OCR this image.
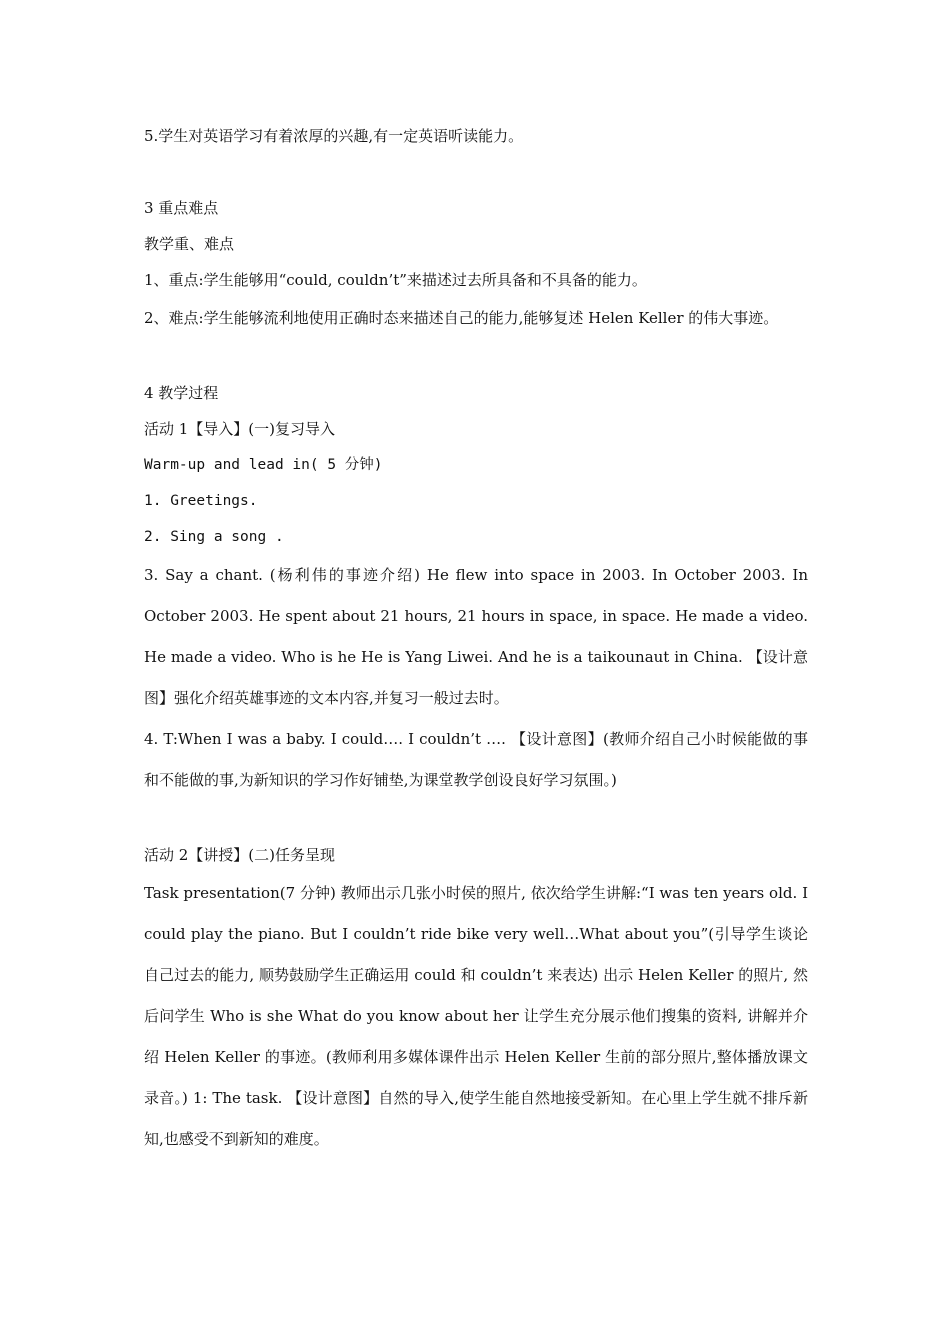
5.学生对英语学习有着浓厚的兴趣,有一定英语听读能力。
3 重点难点
教学重、难点
1、重点:学生能够用“could, couldn’t”来描述过去所具备和不具备的能力。
2、难点:学生能够流利地使用正确时态来描述自己的能力,能够复述 Helen Keller 的伟大事迹。
4 教学过程
活动 1【导入】(一)复习导入
Warm-up and lead in( 5 分钟)
1. Greetings.
2. Sing a song .
3. Say a chant. (杨利伟的事迹介绍) He flew into space in 2003. In October 2003. In October 2003. He spent about 21 hours, 21 hours in space, in space. He made a video. He made a video. Who is he He is Yang Liwei. And he is a taikounaut in China. 【设计意图】强化介绍英雄事迹的文本内容,并复习一般过去时。
4. T:When I was a baby. I could…. I couldn’t …. 【设计意图】(教师介绍自己小时候能做的事和不能做的事,为新知识的学习作好铺垫,为课堂教学创设良好学习氛围。)
活动 2【讲授】(二)任务呈现
Task presentation(7 分钟) 教师出示几张小时侯的照片, 依次给学生讲解:“I was ten years old. I could play the piano. But I couldn’t ride bike very well…What about you”(引导学生谈论自己过去的能力, 顺势鼓励学生正确运用 could 和 couldn’t 来表达) 出示 Helen Keller 的照片, 然后问学生 Who is she What do you know about her 让学生充分展示他们搜集的资料, 讲解并介绍 Helen Keller 的事迹。(教师利用多媒体课件出示 Helen Keller 生前的部分照片,整体播放课文录音。) 1: The task. 【设计意图】自然的导入,使学生能自然地接受新知。在心里上学生就不排斥新知,也感受不到新知的难度。
